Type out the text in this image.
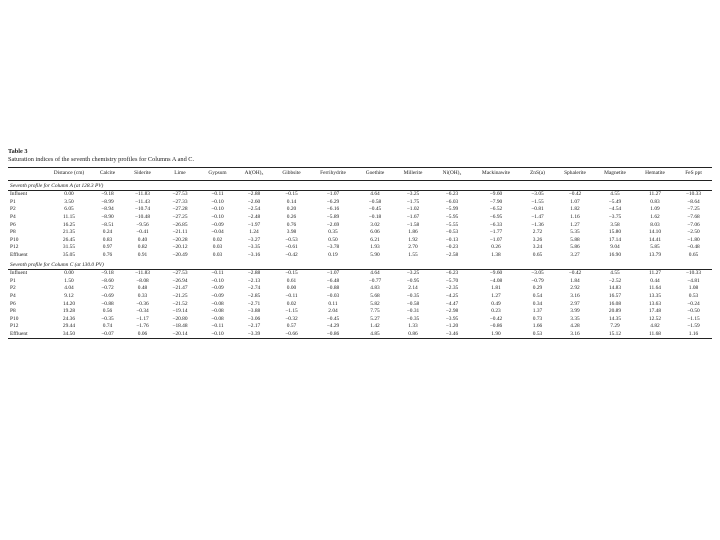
Table 3
Saturation indices of the seventh chemistry profiles for Columns A and C.
	Distance (cm)	Calcite	Siderite	Lime	Gypsum	Al(OH)₃	Gibbsite	Ferrihydrite	Goethite	Millerite	Ni(OH)₂	Mackinawite	ZnS(a)	Sphalerite	Magnetite	Hematite	FeS ppt
Seventh profile for Column A (at 128.3 PV)																	
Influent	0.00	−9.18	−11.83	−27.53	−0.11	−2.88	−0.15	−1.07	4.64	−3.25	−6.23	−9.60	−3.05	−0.42	4.55	11.27	−10.33
P1	3.50	−8.99	−11.43	−27.33	−0.10	−2.60	0.14	−6.29	−0.58	−1.75	−6.03	−7.90	−1.55	1.07	−5.49	0.83	−8.64
P2	6.05	−8.94	−10.74	−27.28	−0.10	−2.54	0.20	−6.16	−0.45	−1.02	−5.99	−6.52	−0.81	1.82	−4.54	1.09	−7.25
P4	11.15	−8.90	−10.48	−27.25	−0.10	−2.48	0.26	−5.89	−0.18	−1.67	−5.95	−6.95	−1.47	1.16	−3.75	1.62	−7.68
P6	16.25	−8.51	−9.56	−26.85	−0.09	−1.97	0.76	−2.69	3.02	−1.58	−5.55	−6.33	−1.36	1.27	3.58	8.03	−7.06
P8	21.35	0.24	−0.41	−21.11	−0.04	1.24	3.98	0.35	6.06	1.86	−0.53	−1.77	2.72	5.35	15.80	14.10	−2.50
P10	26.45	0.83	0.40	−20.28	0.02	−3.27	−0.53	0.50	6.21	1.92	−0.13	−1.07	3.26	5.88	17.14	14.41	−1.80
P12	31.55	0.97	0.82	−20.12	0.03	−3.35	−0.61	−3.78	1.93	2.70	−0.23	0.26	3.24	5.86	9.04	5.85	−0.48
Effluent	35.05	0.76	0.91	−20.49	0.03	−3.16	−0.42	0.19	5.90	1.55	−2.58	1.38	0.65	3.27	16.90	13.79	0.65
Seventh profile for Column C (at 130.0 PV)																	
Influent	0.00	−9.18	−11.83	−27.53	−0.11	−2.88	−0.15	−1.07	4.64	−3.25	−6.23	−9.60	−3.05	−0.42	4.55	11.27	−10.33
P1	1.50	−8.60	−8.08	−26.94	−0.10	−2.13	0.61	−6.48	−0.77	−0.95	−5.70	−4.08	−0.79	1.84	−2.52	0.44	−4.81
P2	4.04	−0.72	0.48	−21.47	−0.09	−2.74	0.00	−0.88	4.83	2.14	−2.35	1.81	0.29	2.92	14.83	11.64	1.08
P4	9.12	−0.69	0.33	−21.25	−0.09	−2.85	−0.11	−0.03	5.68	−0.35	−4.25	1.27	0.54	3.16	16.57	13.35	0.53
P6	14.20	−0.88	−0.36	−21.52	−0.08	−2.71	0.02	0.11	5.82	−0.58	−4.47	0.49	0.34	2.97	16.08	13.63	−0.24
P8	19.28	0.56	−0.34	−19.14	−0.08	−3.88	−1.15	2.04	7.75	−0.31	−2.98	0.23	1.37	3.99	20.89	17.48	−0.50
P10	24.36	−0.35	−1.17	−20.80	−0.08	−3.06	−0.32	−0.45	5.27	−0.35	−3.95	−0.42	0.73	3.35	14.35	12.52	−1.15
P12	29.44	0.74	−1.76	−18.48	−0.11	−2.17	0.57	−4.29	1.42	1.33	−1.20	−0.86	1.66	4.28	7.29	4.82	−1.59
Effluent	34.50	−0.07	0.06	−20.14	−0.10	−3.39	−0.66	−0.86	4.85	0.86	−3.46	1.90	0.53	3.16	15.12	11.68	1.16
